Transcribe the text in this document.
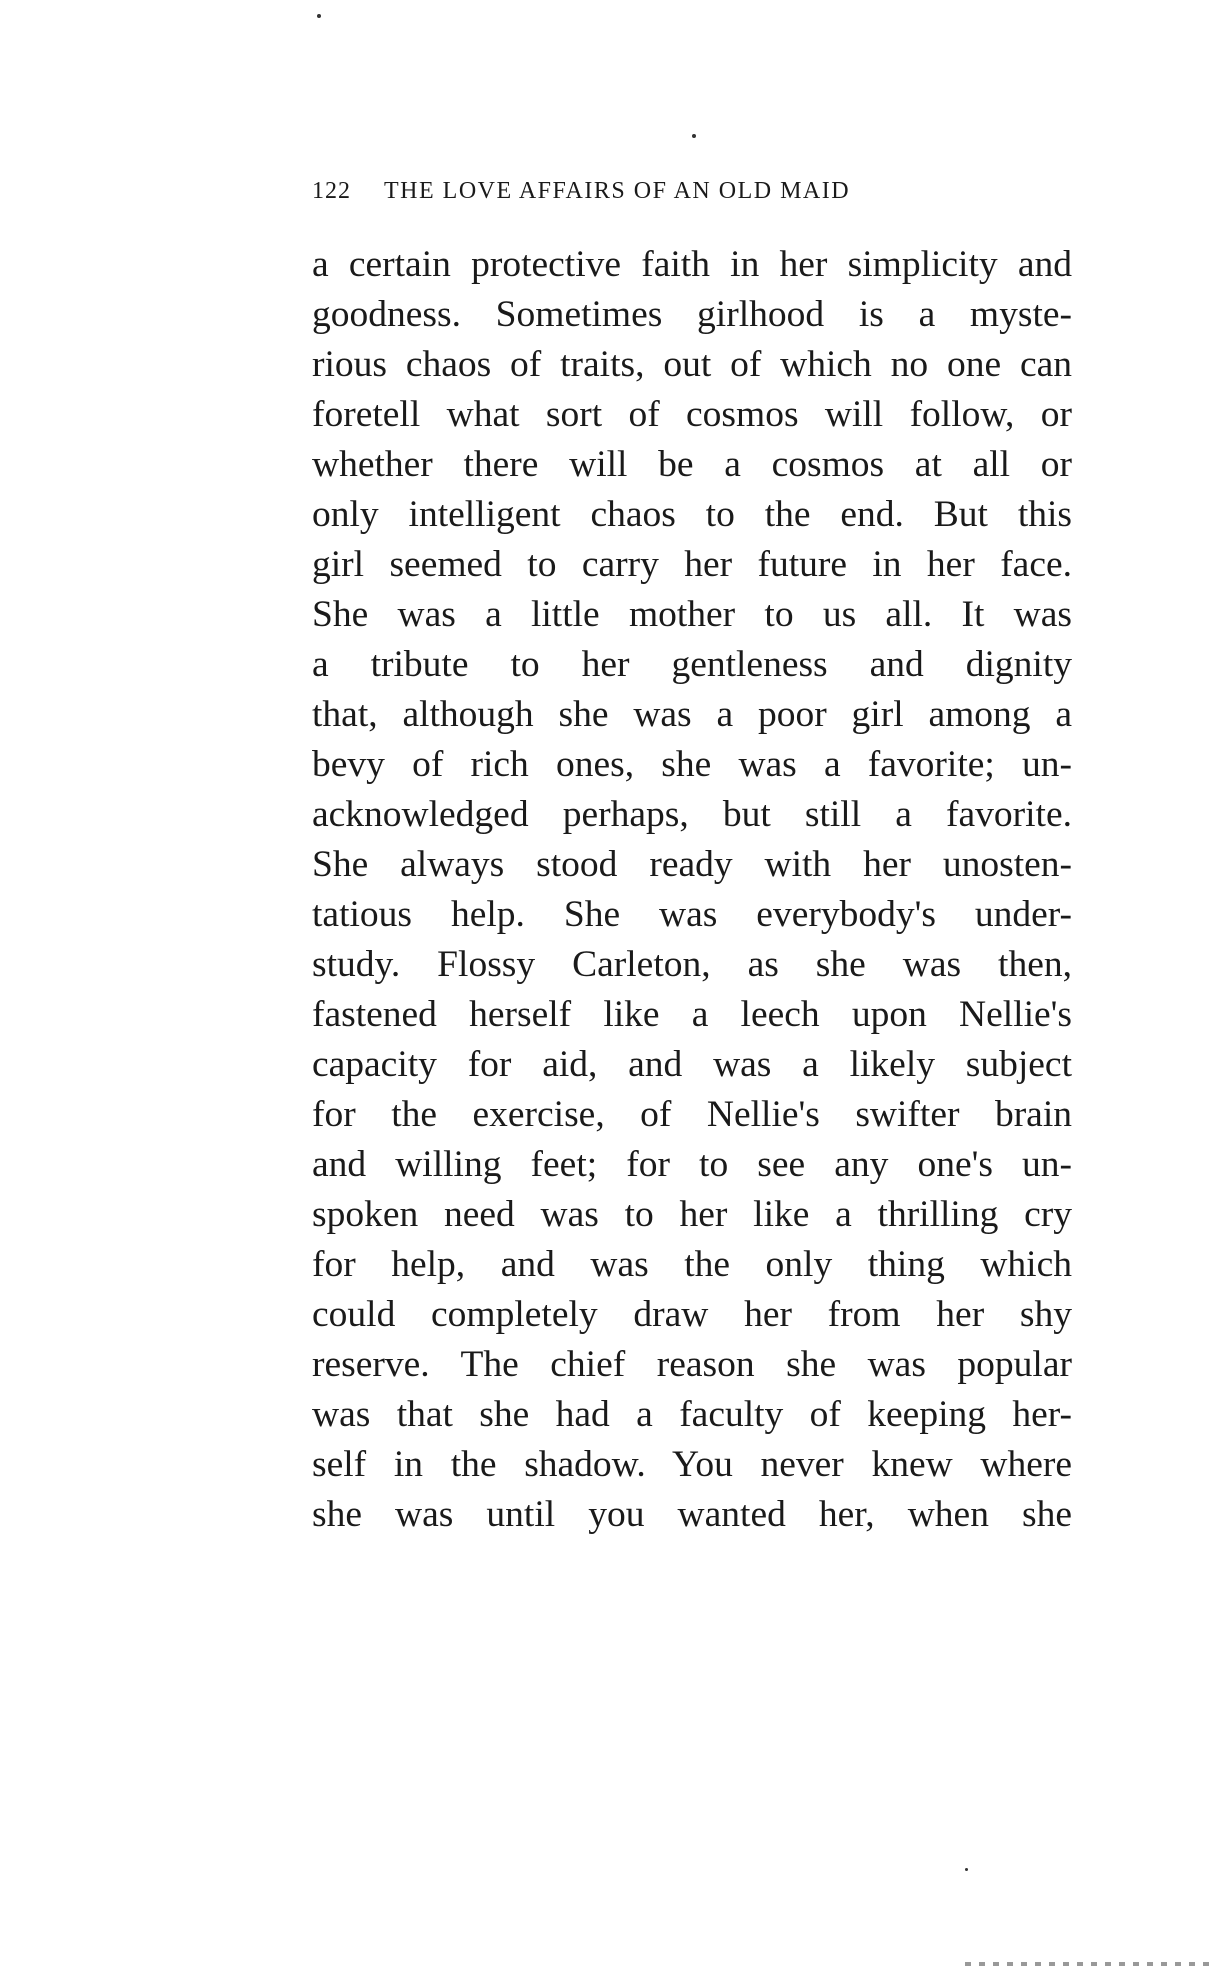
122 THE LOVE AFFAIRS OF AN OLD MAID
a certain protective faith in her simplicity and
goodness. Sometimes girlhood is a myste-
rious chaos of traits, out of which no one can
foretell what sort of cosmos will follow, or
whether there will be a cosmos at all or
only intelligent chaos to the end. But this
girl seemed to carry her future in her face.
She was a little mother to us all. It was
a tribute to her gentleness and dignity
that, although she was a poor girl among a
bevy of rich ones, she was a favorite; un-
acknowledged perhaps, but still a favorite.
She always stood ready with her unosten-
tatious help. She was everybody's under-
study. Flossy Carleton, as she was then,
fastened herself like a leech upon Nellie's
capacity for aid, and was a likely subject
for the exercise, of Nellie's swifter brain
and willing feet; for to see any one's un-
spoken need was to her like a thrilling cry
for help, and was the only thing which
could completely draw her from her shy
reserve. The chief reason she was popular
was that she had a faculty of keeping her-
self in the shadow. You never knew where
she was until you wanted her, when she
